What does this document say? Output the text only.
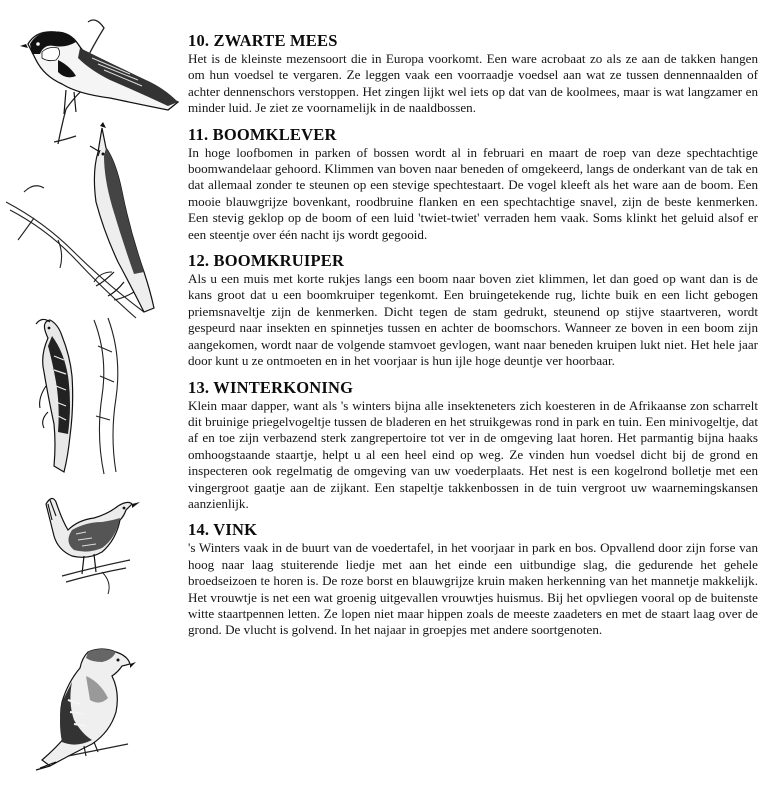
10. ZWARTE MEES

Het is de kleinste mezensoort die in Europa voorkomt. Een ware acrobaat zo als ze aan de takken hangen om hun voedsel te vergaren. Ze leggen vaak een voorraadje voedsel aan wat ze tussen dennennaalden of achter dennenschors verstoppen. Het zingen lijkt wel iets op dat van de koolmees, maar is wat langzamer en minder luid. Je ziet ze voornamelijk in de naaldbossen.

11. BOOMKLEVER

In hoge loofbomen in parken of bossen wordt al in februari en maart de roep van deze spechtachtige boomwandelaar gehoord. Klimmen van boven naar beneden of omgekeerd, langs de onderkant van de tak en dat allemaal zonder te steunen op een stevige spechtestaart. De vogel kleeft als het ware aan de boom. Een mooie blauwgrijze bovenkant, roodbruine flanken en een spechtachtige snavel, zijn de beste kenmerken. Een stevig geklop op de boom of een luid 'twiet-twiet' verraden hem vaak. Soms klinkt het geluid alsof er een steentje over één nacht ijs wordt gegooid.

12. BOOMKRUIPER

Als u een muis met korte rukjes langs een boom naar boven ziet klimmen, let dan goed op want dan is de kans groot dat u een boomkruiper tegenkomt. Een bruingetekende rug, lichte buik en een licht gebogen priemsnaveltje zijn de kenmerken. Dicht tegen de stam gedrukt, steunend op stijve staartveren, wordt gespeurd naar insekten en spinnetjes tussen en achter de boomschors. Wanneer ze boven in een boom zijn aangekomen, wordt naar de volgende stamvoet gevlogen, want naar beneden kruipen lukt niet. Het hele jaar door kunt u ze ontmoeten en in het voorjaar is hun ijle hoge deuntje ver hoorbaar.

13. WINTERKONING

Klein maar dapper, want als 's winters bijna alle insekteneters zich koesteren in de Afrikaanse zon scharrelt dit bruinige priegelvogeltje tussen de bladeren en het struikgewas rond in park en tuin. Een minivogeltje, dat af en toe zijn verbazend sterk zangrepertoire tot ver in de omgeving laat horen. Het parmantig bijna haaks omhoogstaande staartje, helpt u al een heel eind op weg. Ze vinden hun voedsel dicht bij de grond en inspecteren ook regelmatig de omgeving van uw voederplaats. Het nest is een kogelrond bolletje met een vingergroot gaatje aan de zijkant. Een stapeltje takkenbossen in de tuin vergroot uw waarnemingskansen aanzienlijk.

14. VINK

's Winters vaak in de buurt van de voedertafel, in het voorjaar in park en bos. Opvallend door zijn forse van hoog naar laag stuiterende liedje met aan het einde een uitbundige slag, die gedurende het gehele broedseizoen te horen is. De roze borst en blauwgrijze kruin maken herkenning van het mannetje makkelijk. Het vrouwtje is net een wat groenig uitgevallen vrouwtjes huismus. Bij het opvliegen vooral op de buitenste witte staartpennen letten. Ze lopen niet maar hippen zoals de meeste zaadeters en met de staart laag over de grond. De vlucht is golvend. In het najaar in groepjes met andere soortgenoten.
